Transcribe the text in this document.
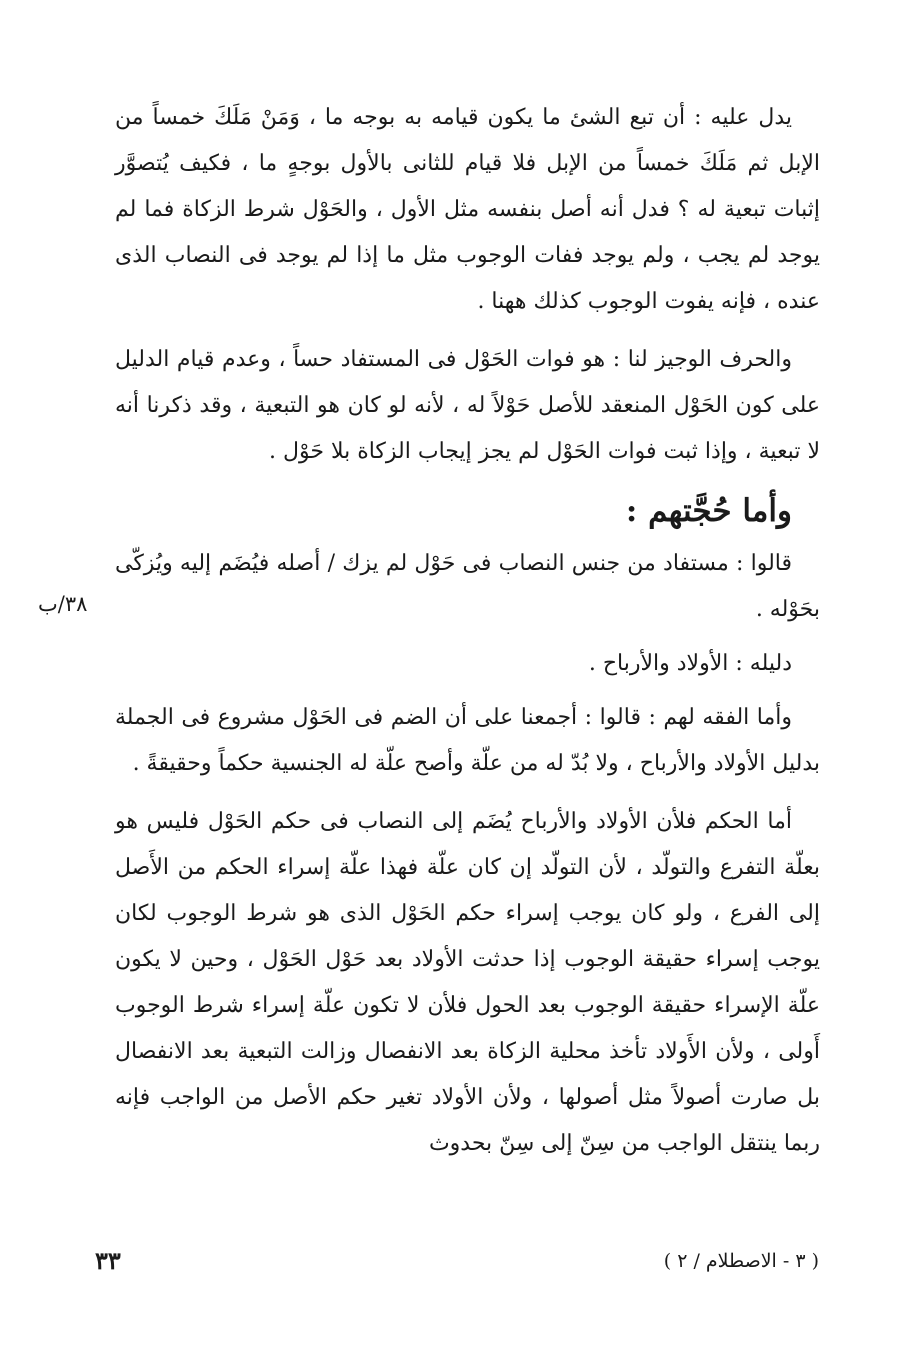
يدل عليه : أن تبع الشئ ما يكون قيامه به بوجه ما ، وَمَنْ مَلَكَ خمساً من الإبل ثم مَلَكَ خمساً من الإبل فلا قيام للثانى بالأول بوجهٍ ما ، فكيف يُتصوَّر إثبات تبعية له ؟ فدل أنه أصل بنفسه مثل الأول ، والحَوْل شرط الزكاة فما لم يوجد لم يجب ، ولم يوجد ففات الوجوب مثل ما إذا لم يوجد فى النصاب الذى عنده ، فإنه يفوت الوجوب كذلك ههنا .

والحرف الوجيز لنا : هو فوات الحَوْل فى المستفاد حساً ، وعدم قيام الدليل على كون الحَوْل المنعقد للأصل حَوْلاً له ، لأنه لو كان هو التبعية ، وقد ذكرنا أنه لا تبعية ، وإذا ثبت فوات الحَوْل لم يجز إيجاب الزكاة بلا حَوْل .

وأما حُجَّتهم :

قالوا : مستفاد من جنس النصاب فى حَوْل لم يزك / أصله فيُضَم إليه ويُزكّى بحَوْله .

دليله : الأولاد والأرباح .

وأما الفقه لهم : قالوا : أجمعنا على أن الضم فى الحَوْل مشروع فى الجملة بدليل الأولاد والأرباح ، ولا بُدّ له من علّة وأصح علّة له الجنسية حكماً وحقيقةً .

أما الحكم فلأن الأولاد والأرباح يُضَم إلى النصاب فى حكم الحَوْل فليس هو بعلّة التفرع والتولّد ، لأن التولّد إن كان علّة فهذا علّة إسراء الحكم من الأَصل إلى الفرع ، ولو كان يوجب إسراء حكم الحَوْل الذى هو شرط الوجوب لكان يوجب إسراء حقيقة الوجوب إذا حدثت الأولاد بعد حَوْل الحَوْل ، وحين لا يكون علّة الإسراء حقيقة الوجوب بعد الحول فلأن لا تكون علّة إسراء شرط الوجوب أَولى ، ولأن الأَولاد تأخذ محلية الزكاة بعد الانفصال وزالت التبعية بعد الانفصال بل صارت أصولاً مثل أصولها ، ولأن الأولاد تغير حكم الأصل من الواجب فإنه ربما ينتقل الواجب من سِنّ إلى سِنّ بحدوث

٣٨/ب
٣٣	( ٣ - الاصطلام / ٢ )
